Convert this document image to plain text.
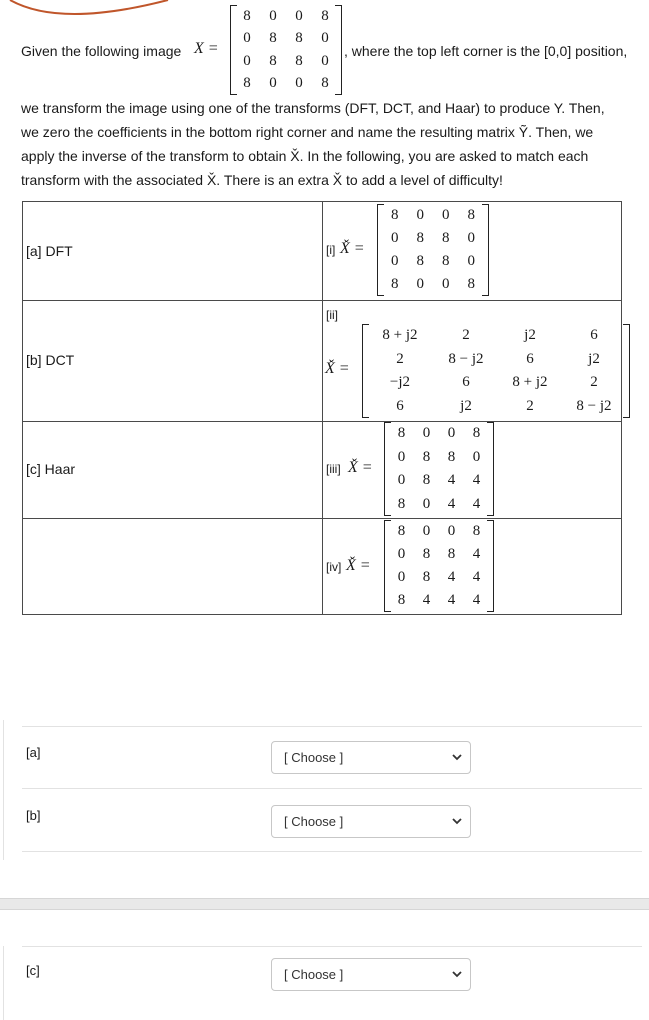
Given the following image X =
8 0 0 8
0 8 8 0
0 8 8 0
8 0 0 8
, where the top left corner is the [0,0] position,
we transform the image using one of the transforms (DFT, DCT, and Haar) to produce Y. Then,
we zero the coefficients in the bottom right corner and name the resulting matrix Ỹ. Then, we
apply the inverse of the transform to obtain X̌. In the following, you are asked to match each
transform with the associated X̌. There is an extra X̌ to add a level of difficulty!
[a] DFT	[i] X̌ =
8 0 0 8
0 8 8 0
0 8 8 0
8 0 0 8
[b] DCT
[ii]
X̌ =
8 + j2	2	j2	6
2	8 − j2	6	j2
−j2	6	8 + j2	2
6	j2	2	8 − j2
[c] Haar	[iii] X̌ =
8 0 0 8
0 8 8 0
0 8 4 4
8 0 4 4
[iv] X̌ =
8 0 0 8
0 8 8 4
0 8 4 4
8 4 4 4
[a]	[ Choose ]
[b]	[ Choose ]
[c]	[ Choose ]
